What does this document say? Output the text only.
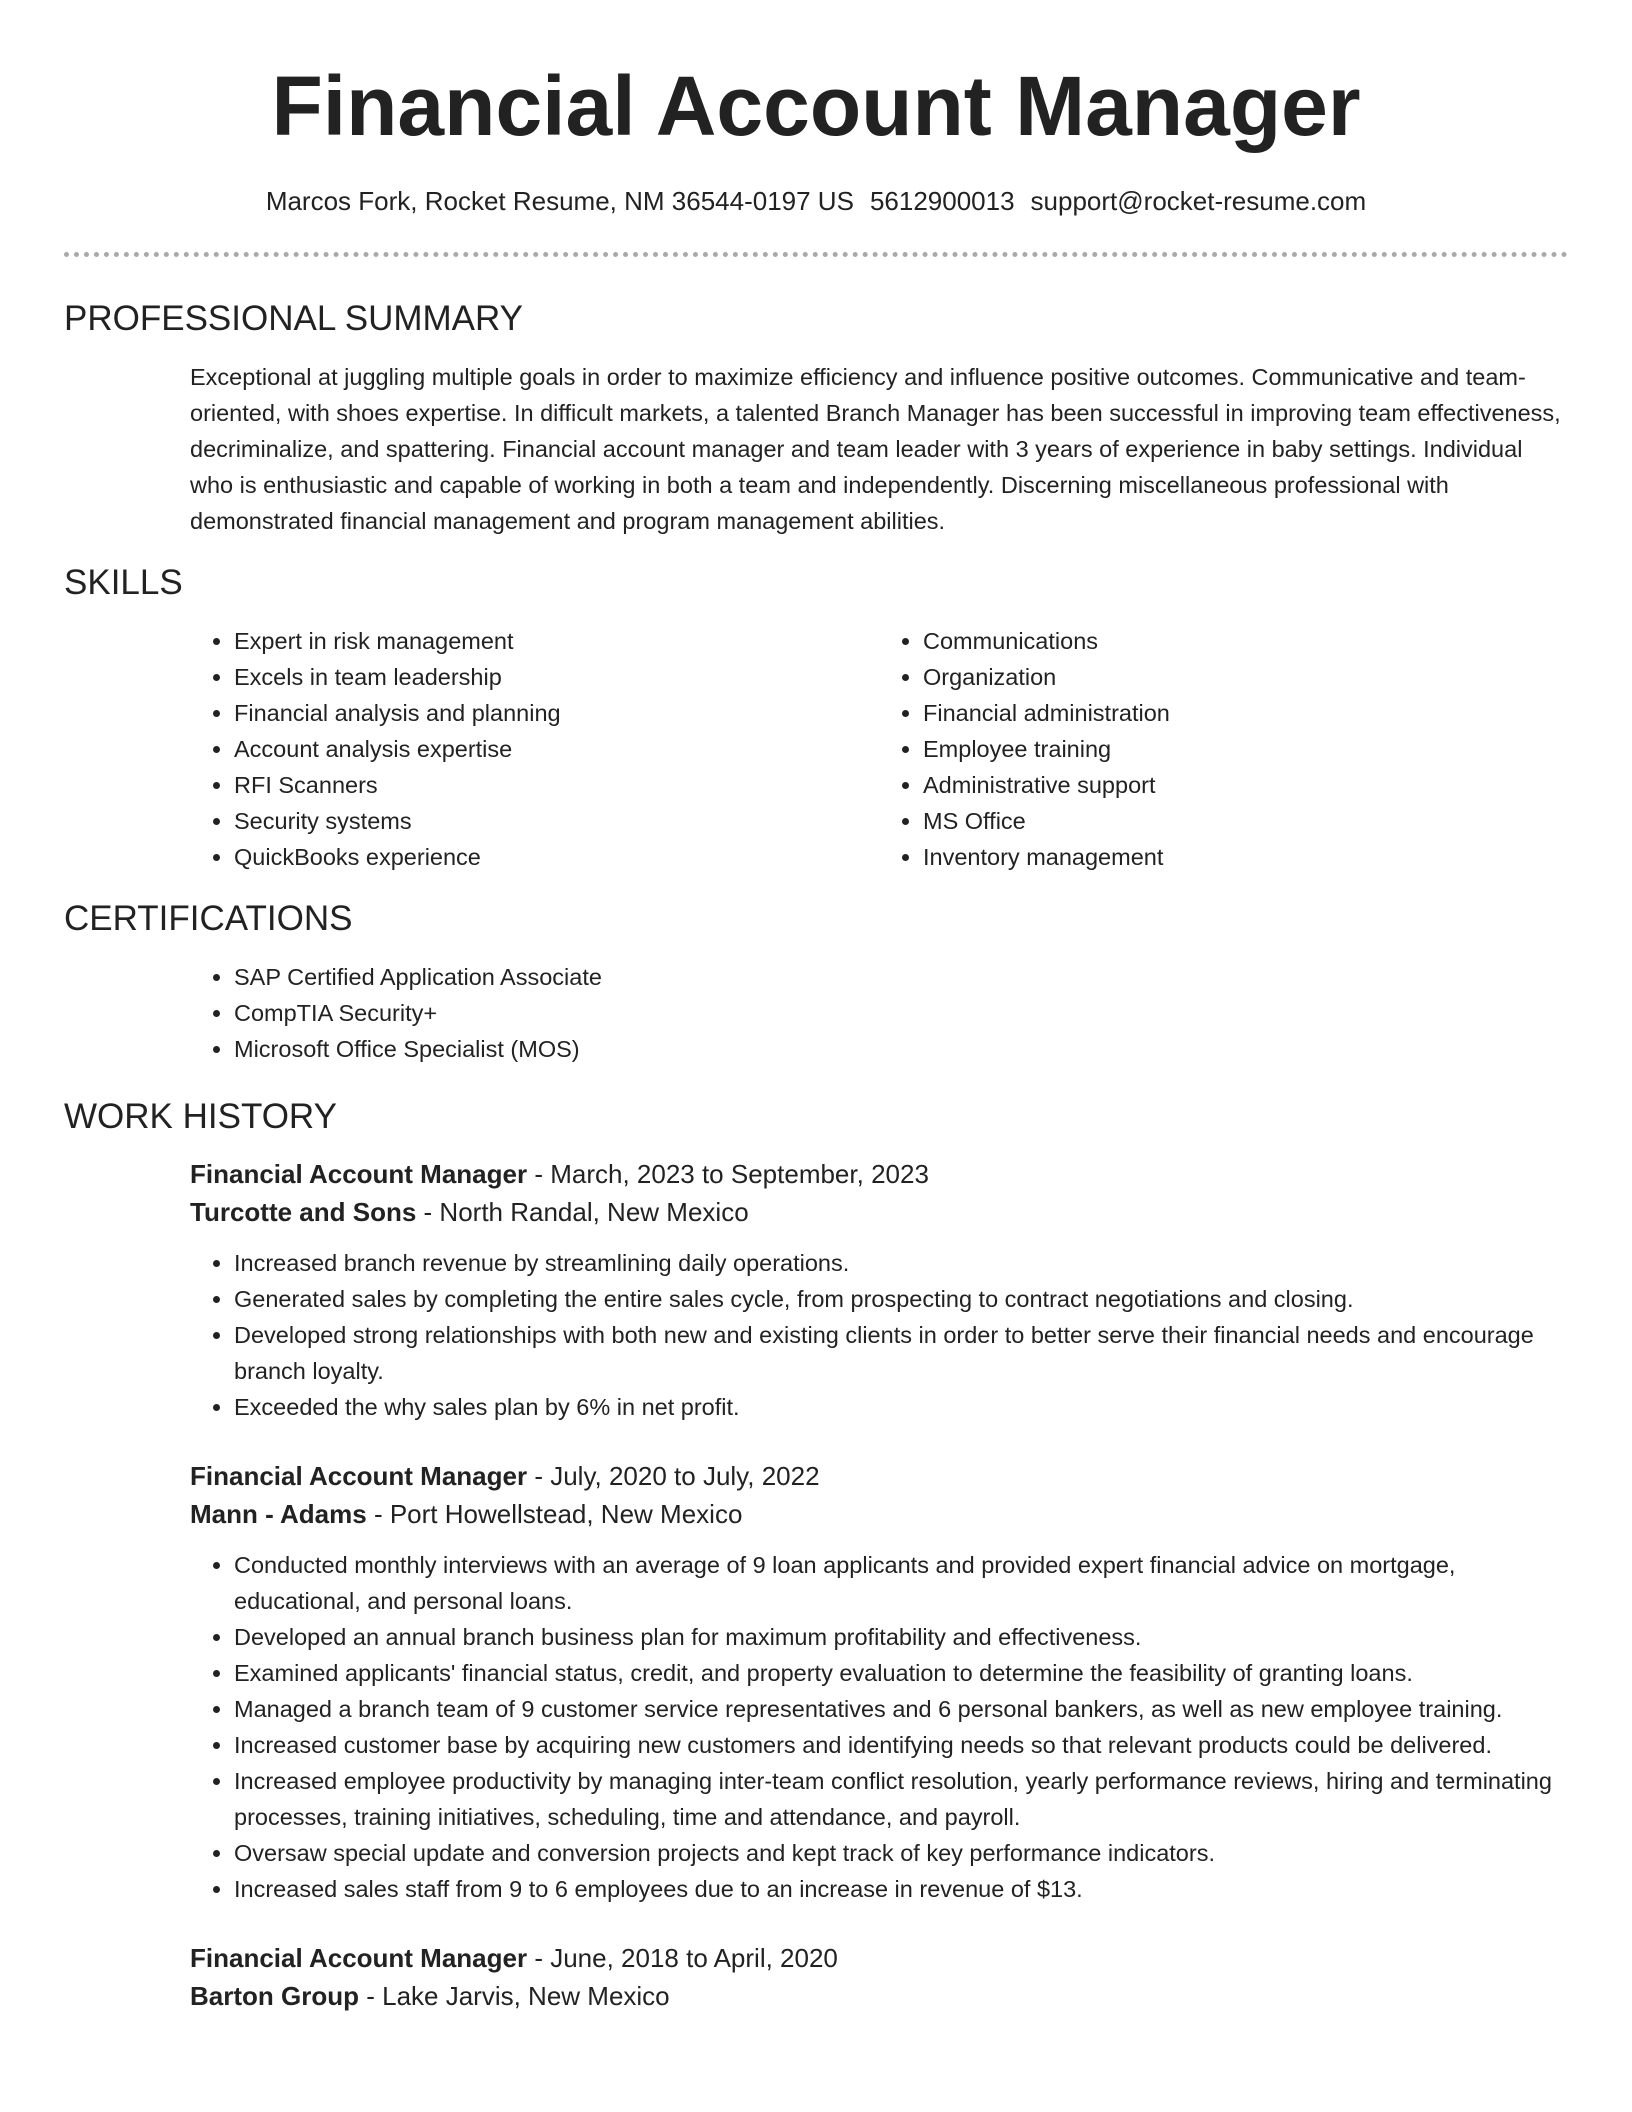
Financial Account Manager
Marcos Fork, Rocket Resume, NM 36544-0197 US 5612900013 support@rocket-resume.com
PROFESSIONAL SUMMARY

Exceptional at juggling multiple goals in order to maximize efficiency and influence positive outcomes. Communicative and team-oriented, with shoes expertise. In difficult markets, a talented Branch Manager has been successful in improving team effectiveness, decriminalize, and spattering. Financial account manager and team leader with 3 years of experience in baby settings. Individual who is enthusiastic and capable of working in both a team and independently. Discerning miscellaneous professional with demonstrated financial management and program management abilities.

SKILLS
• Expert in risk management
• Excels in team leadership
• Financial analysis and planning
• Account analysis expertise
• RFI Scanners
• Security systems
• QuickBooks experience
• Communications
• Organization
• Financial administration
• Employee training
• Administrative support
• MS Office
• Inventory management
CERTIFICATIONS
• SAP Certified Application Associate
• CompTIA Security+
• Microsoft Office Specialist (MOS)
WORK HISTORY
Financial Account Manager - March, 2023 to September, 2023
Turcotte and Sons - North Randal, New Mexico
• Increased branch revenue by streamlining daily operations.
• Generated sales by completing the entire sales cycle, from prospecting to contract negotiations and closing.
• Developed strong relationships with both new and existing clients in order to better serve their financial needs and encourage branch loyalty.
• Exceeded the why sales plan by 6% in net profit.
Financial Account Manager - July, 2020 to July, 2022
Mann - Adams - Port Howellstead, New Mexico
• Conducted monthly interviews with an average of 9 loan applicants and provided expert financial advice on mortgage, educational, and personal loans.
• Developed an annual branch business plan for maximum profitability and effectiveness.
• Examined applicants' financial status, credit, and property evaluation to determine the feasibility of granting loans.
• Managed a branch team of 9 customer service representatives and 6 personal bankers, as well as new employee training.
• Increased customer base by acquiring new customers and identifying needs so that relevant products could be delivered.
• Increased employee productivity by managing inter-team conflict resolution, yearly performance reviews, hiring and terminating processes, training initiatives, scheduling, time and attendance, and payroll.
• Oversaw special update and conversion projects and kept track of key performance indicators.
• Increased sales staff from 9 to 6 employees due to an increase in revenue of $13.
Financial Account Manager - June, 2018 to April, 2020
Barton Group - Lake Jarvis, New Mexico
